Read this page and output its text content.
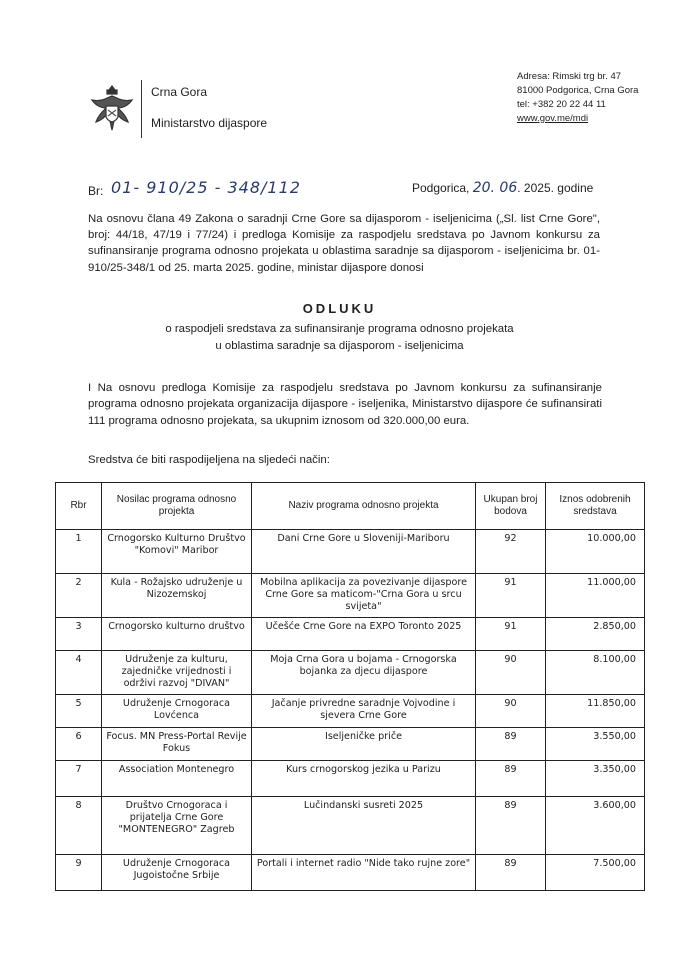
Crna Gora
Ministarstvo dijaspore
Adresa: Rimski trg br. 47
81000 Podgorica, Crna Gora
tel: +382 20 22 44 11
www.gov.me/mdi
Br: 01- 910/25 - 348/112	Podgorica, 20. 06. 2025. godine
Na osnovu člana 49 Zakona o saradnji Crne Gore sa dijasporom - iseljenicima („Sl. list Crne Gore", broj: 44/18, 47/19 i 77/24) i predloga Komisije za raspodjelu sredstava po Javnom konkursu za sufinansiranje programa odnosno projekata u oblastima saradnje sa dijasporom - iseljenicima br. 01-910/25-348/1 od 25. marta 2025. godine, ministar dijaspore donosi
ODLUKU
o raspodjeli sredstava za sufinansiranje programa odnosno projekata
u oblastima saradnje sa dijasporom - iseljenicima
I Na osnovu predloga Komisije za raspodjelu sredstava po Javnom konkursu za sufinansiranje programa odnosno projekata organizacija dijaspore - iseljenika, Ministarstvo dijaspore će sufinansirati 111 programa odnosno projekata, sa ukupnim iznosom od 320.000,00 eura.
Sredstva će biti raspodijeljena na sljedeći način:
Rbr	Nosilac programa odnosno projekta	Naziv programa odnosno projekta	Ukupan broj bodova	Iznos odobrenih sredstava
1	Crnogorsko Kulturno Društvo "Komovi" Maribor	Dani Crne Gore u Sloveniji-Mariboru	92	10.000,00
2	Kula - Rožajsko udruženje u Nizozemskoj	Mobilna aplikacija za povezivanje dijaspore Crne Gore sa maticom-"Crna Gora u srcu svijeta"	91	11.000,00
3	Crnogorsko kulturno društvo	Učešće Crne Gore na EXPO Toronto 2025	91	2.850,00
4	Udruženje za kulturu, zajedničke vrijednosti i održivi razvoj "DIVAN"	Moja Crna Gora u bojama - Crnogorska bojanka za djecu dijaspore	90	8.100,00
5	Udruženje Crnogoraca Lovćenca	Jačanje privredne saradnje Vojvodine i sjevera Crne Gore	90	11.850,00
6	Focus. MN Press-Portal Revije Fokus	Iseljeničke priče	89	3.550,00
7	Association Montenegro	Kurs crnogorskog jezika u Parizu	89	3.350,00
8	Društvo Crnogoraca i prijatelja Crne Gore "MONTENEGRO" Zagreb	Lučindanski susreti 2025	89	3.600,00
9	Udruženje Crnogoraca Jugoistočne Srbije	Portali i internet radio "Nide tako rujne zore"	89	7.500,00
